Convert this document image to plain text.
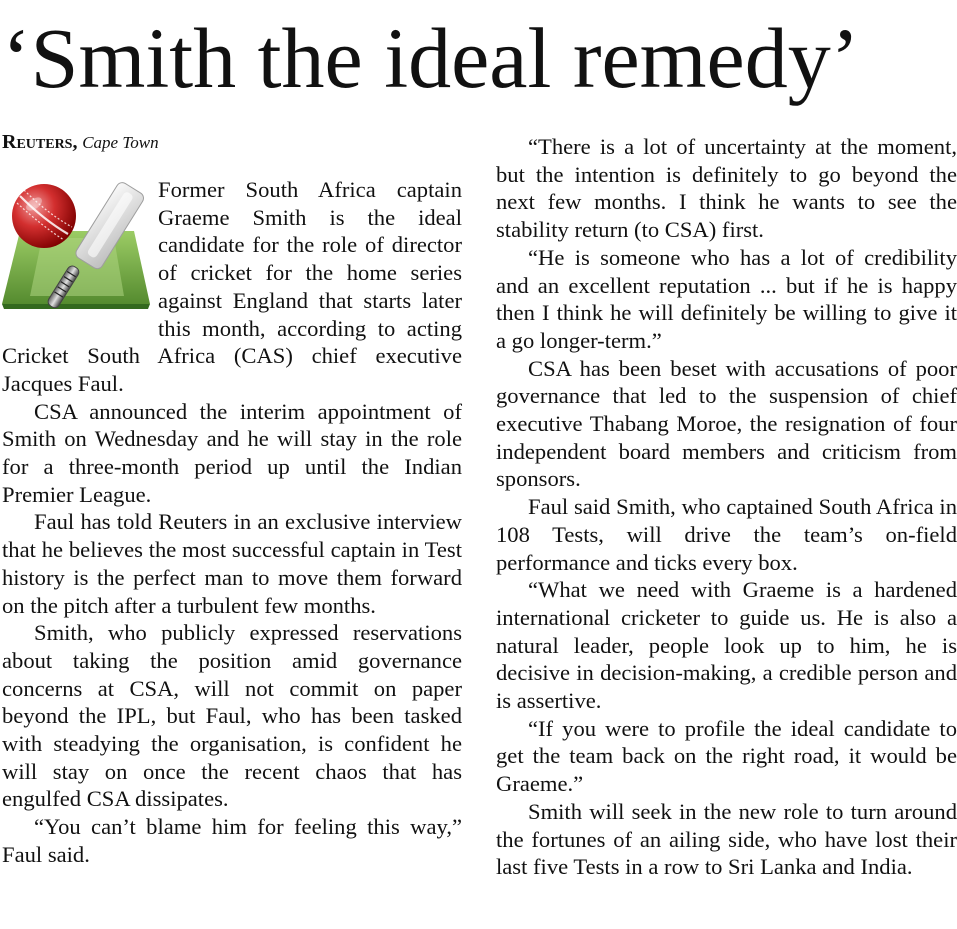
‘Smith the ideal remedy’
Reuters, Cape Town

Former South Africa captain Graeme Smith is the ideal candidate for the role of director of cricket for the home series against England that starts later this month, according to acting Cricket South Africa (CAS) chief executive Jacques Faul.

CSA announced the interim appointment of Smith on Wednesday and he will stay in the role for a three-month period up until the Indian Premier League.

Faul has told Reuters in an exclusive interview that he believes the most successful captain in Test history is the perfect man to move them forward on the pitch after a turbulent few months.

Smith, who publicly expressed reservations about taking the position amid governance concerns at CSA, will not commit on paper beyond the IPL, but Faul, who has been tasked with steadying the organisation, is confident he will stay on once the recent chaos that has engulfed CSA dissipates.

“You can’t blame him for feeling this way,” Faul said.

“There is a lot of uncertainty at the moment, but the intention is definitely to go beyond the next few months. I think he wants to see the stability return (to CSA) first.

“He is someone who has a lot of credibility and an excellent reputation ... but if he is happy then I think he will definitely be willing to give it a go longer-term.”

CSA has been beset with accusations of poor governance that led to the suspension of chief executive Thabang Moroe, the resignation of four independent board members and criticism from sponsors.

Faul said Smith, who captained South Africa in 108 Tests, will drive the team’s on-field performance and ticks every box.

“What we need with Graeme is a hardened international cricketer to guide us. He is also a natural leader, people look up to him, he is decisive in decision-making, a credible person and is assertive.

“If you were to profile the ideal candidate to get the team back on the right road, it would be Graeme.”

Smith will seek in the new role to turn around the fortunes of an ailing side, who have lost their last five Tests in a row to Sri Lanka and India.
